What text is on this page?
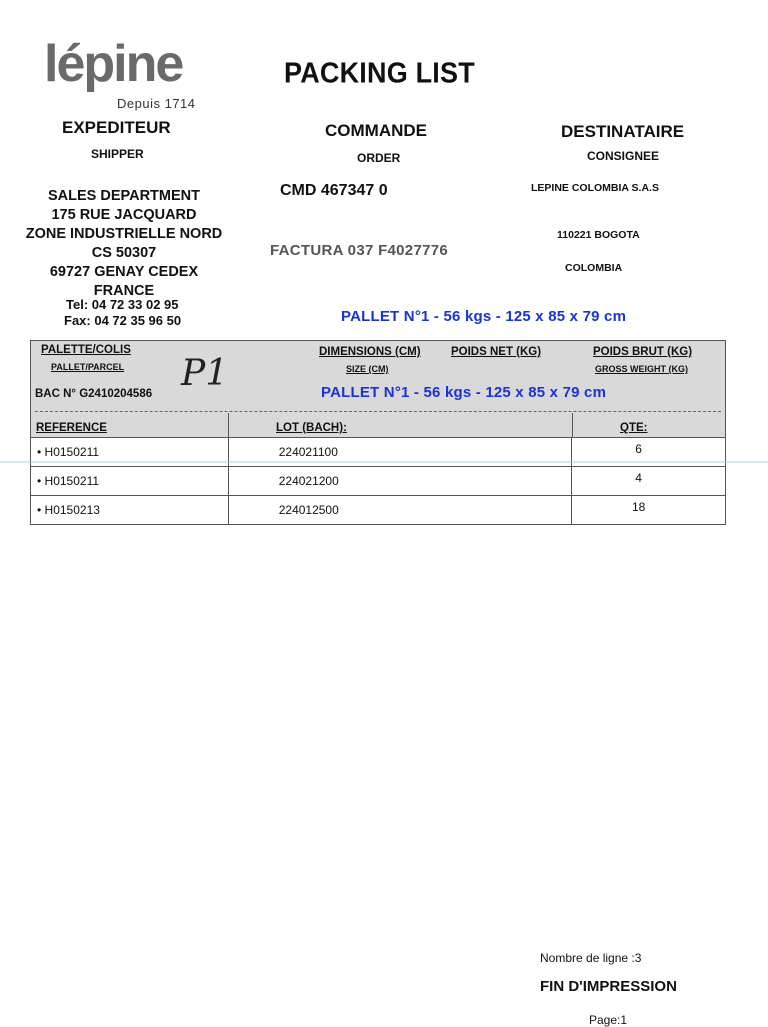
lépine
Depuis 1714
PACKING LIST
EXPEDITEUR
SHIPPER
COMMANDE
ORDER
DESTINATAIRE
CONSIGNEE
SALES DEPARTMENT
175 RUE JACQUARD
ZONE INDUSTRIELLE NORD
CS 50307
69727 GENAY CEDEX
FRANCE
Tel: 04 72 33 02 95
Fax: 04 72 35 96 50
CMD 467347 0
FACTURA 037 F4027776
LEPINE COLOMBIA S.A.S
110221 BOGOTA
COLOMBIA
PALLET N°1 - 56 kgs - 125 x 85 x 79 cm
PALETTE/COLIS
PALLET/PARCEL P1
DIMENSIONS (CM)
SIZE (CM)
POIDS NET (KG)	POIDS BRUT (KG)
GROSS WEIGHT (KG)
BAC N° G2410204586	PALLET N°1 - 56 kgs - 125 x 85 x 79 cm
REFERENCE	LOT (BACH):	QTE:
• H0150211	224021100	6
• H0150211	224021200	4
• H0150213	224012500	18
Nombre de ligne :3
FIN D'IMPRESSION
Page:1
